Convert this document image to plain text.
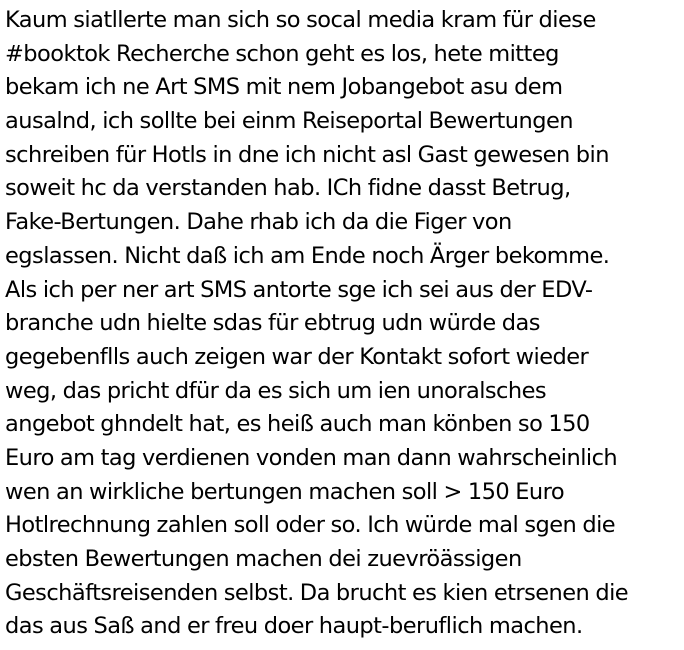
Kaum siatllerte man sich so socal media kram für diese
#booktok Recherche schon geht es los, hete mitteg
bekam ich ne Art SMS mit nem Jobangebot asu dem
ausalnd, ich sollte bei einm Reiseportal Bewertungen
schreiben für Hotls in dne ich nicht asl Gast gewesen bin
soweit hc da verstanden hab. ICh fidne dasst Betrug,
Fake-Bertungen. Dahe rhab ich da die Figer von
egslassen. Nicht daß ich am Ende noch Ärger bekomme.
Als ich per ner art SMS antorte sge ich sei aus der EDV-
branche udn hielte sdas für ebtrug udn würde das
gegebenflls auch zeigen war der Kontakt sofort wieder
weg, das pricht dfür da es sich um ien unoralsches
angebot ghndelt hat, es heiß auch man könben so 150
Euro am tag verdienen vonden man dann wahrscheinlich
wen an wirkliche bertungen machen soll > 150 Euro
Hotlrechnung zahlen soll oder so. Ich würde mal sgen die
ebsten Bewertungen machen dei zuevröässigen
Geschäftsreisenden selbst. Da brucht es kien etrsenen die
das aus Saß and er freu doer haupt-beruflich machen.
